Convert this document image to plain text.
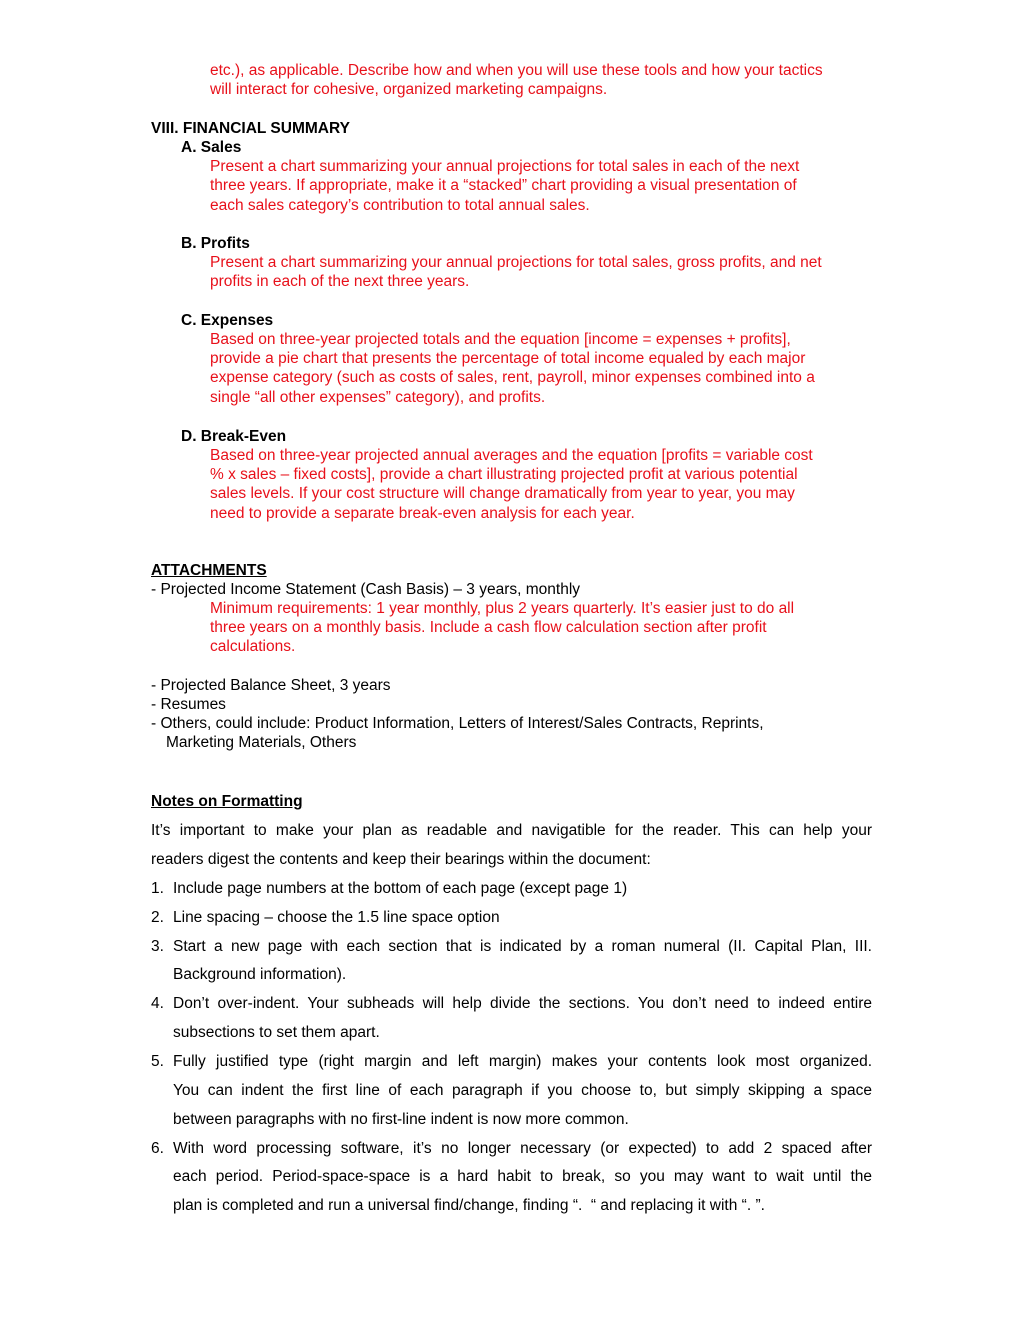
etc.), as applicable. Describe how and when you will use these tools and how your tactics
will interact for cohesive, organized marketing campaigns.
VIII. FINANCIAL SUMMARY
A. Sales
Present a chart summarizing your annual projections for total sales in each of the next
three years. If appropriate, make it a “stacked” chart providing a visual presentation of
each sales category’s contribution to total annual sales.
B. Profits
Present a chart summarizing your annual projections for total sales, gross profits, and net
profits in each of the next three years.
C. Expenses
Based on three-year projected totals and the equation [income = expenses + profits],
provide a pie chart that presents the percentage of total income equaled by each major
expense category (such as costs of sales, rent, payroll, minor expenses combined into a
single “all other expenses” category), and profits.
D. Break-Even
Based on three-year projected annual averages and the equation [profits = variable cost
% x sales – fixed costs], provide a chart illustrating projected profit at various potential
sales levels. If your cost structure will change dramatically from year to year, you may
need to provide a separate break-even analysis for each year.
ATTACHMENTS
- Projected Income Statement (Cash Basis) – 3 years, monthly
Minimum requirements: 1 year monthly, plus 2 years quarterly. It’s easier just to do all
three years on a monthly basis. Include a cash flow calculation section after profit
calculations.
- Projected Balance Sheet, 3 years
- Resumes
- Others, could include: Product Information, Letters of Interest/Sales Contracts, Reprints,
Marketing Materials, Others
Notes on Formatting
It’s important to make your plan as readable and navigatible for the reader. This can help your
readers digest the contents and keep their bearings within the document:
1. Include page numbers at the bottom of each page (except page 1)
2. Line spacing – choose the 1.5 line space option
3. Start a new page with each section that is indicated by a roman numeral (II. Capital Plan, III.
Background information).
4. Don’t over-indent. Your subheads will help divide the sections. You don’t need to indeed entire
subsections to set them apart.
5. Fully justified type (right margin and left margin) makes your contents look most organized.
You can indent the first line of each paragraph if you choose to, but simply skipping a space
between paragraphs with no first-line indent is now more common.
6. With word processing software, it’s no longer necessary (or expected) to add 2 spaced after
each period. Period-space-space is a hard habit to break, so you may want to wait until the
plan is completed and run a universal find/change, finding “.  “ and replacing it with “. ”.
